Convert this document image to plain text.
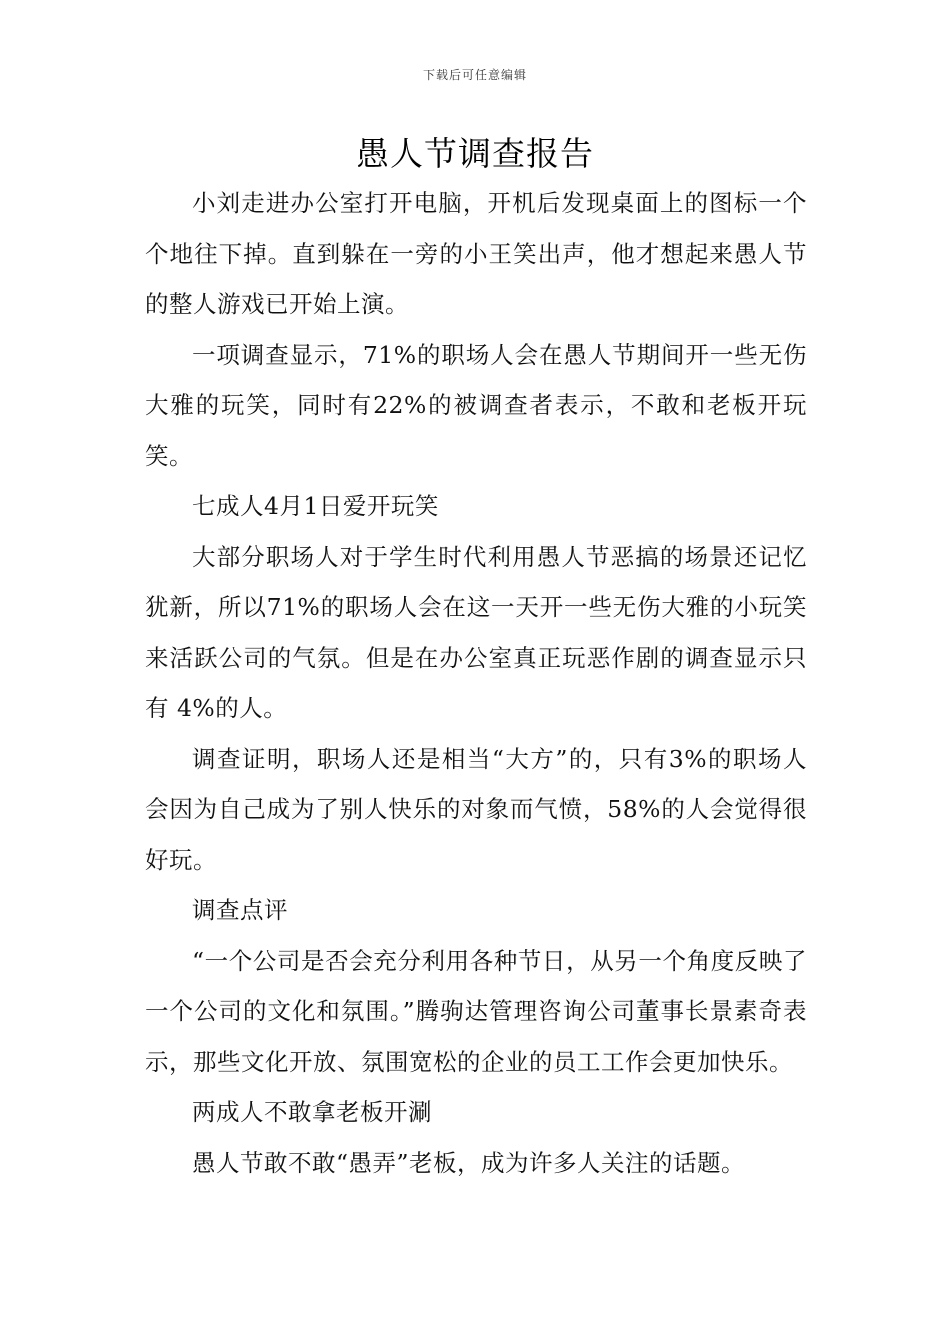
下载后可任意编辑
愚人节调查报告

小刘走进办公室打开电脑，开机后发现桌面上的图标一个个地往下掉。直到躲在一旁的小王笑出声，他才想起来愚人节的整人游戏已开始上演。

一项调查显示，71%的职场人会在愚人节期间开一些无伤大雅的玩笑，同时有22%的被调查者表示，不敢和老板开玩笑。

七成人4月1日爱开玩笑

大部分职场人对于学生时代利用愚人节恶搞的场景还记忆犹新，所以71%的职场人会在这一天开一些无伤大雅的小玩笑来活跃公司的气氛。但是在办公室真正玩恶作剧的调查显示只有 4%的人。

调查证明，职场人还是相当“大方”的，只有3%的职场人会因为自己成为了别人快乐的对象而气愤，58%的人会觉得很好玩。

调查点评

“一个公司是否会充分利用各种节日，从另一个角度反映了一个公司的文化和氛围。”腾驹达管理咨询公司董事长景素奇表示，那些文化开放、氛围宽松的企业的员工工作会更加快乐。

两成人不敢拿老板开涮

愚人节敢不敢“愚弄”老板，成为许多人关注的话题。
